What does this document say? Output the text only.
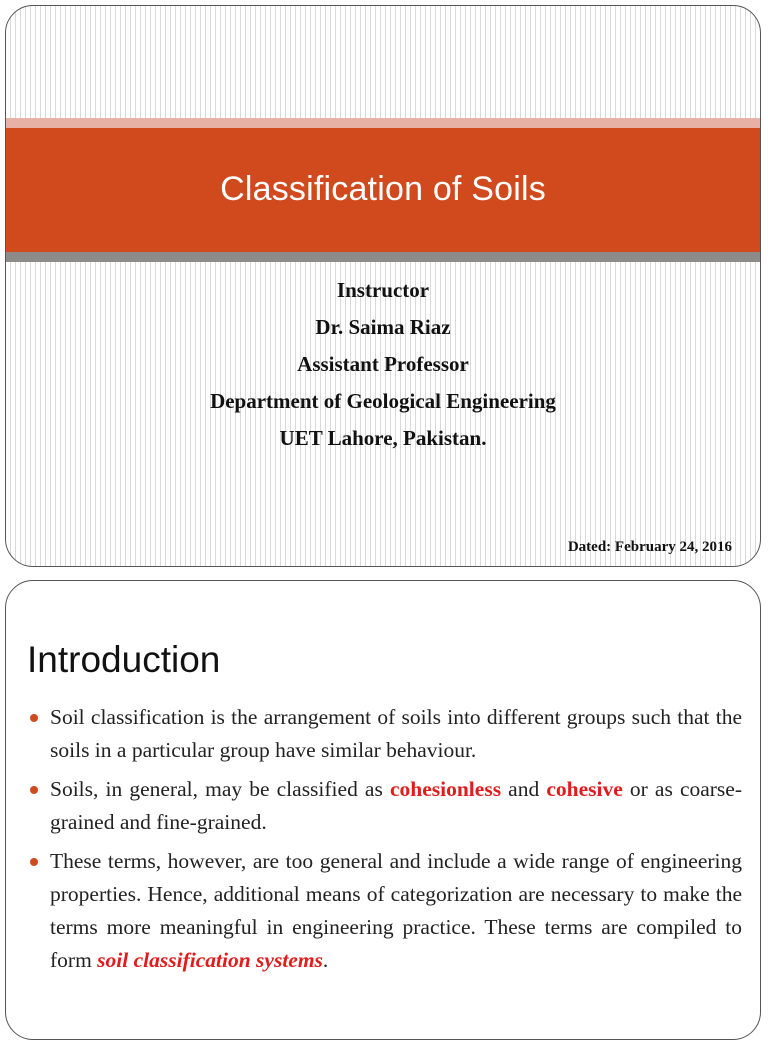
Classification of Soils
Instructor
Dr. Saima Riaz
Assistant Professor
Department of Geological Engineering
UET Lahore, Pakistan.
Dated: February 24, 2016
Introduction
Soil classification is the arrangement of soils into different groups such that the soils in a particular group have similar behaviour.
Soils, in general, may be classified as cohesionless and cohesive or as coarse-grained and fine-grained.
These terms, however, are too general and include a wide range of engineering properties. Hence, additional means of categorization are necessary to make the terms more meaningful in engineering practice. These terms are compiled to form soil classification systems.
